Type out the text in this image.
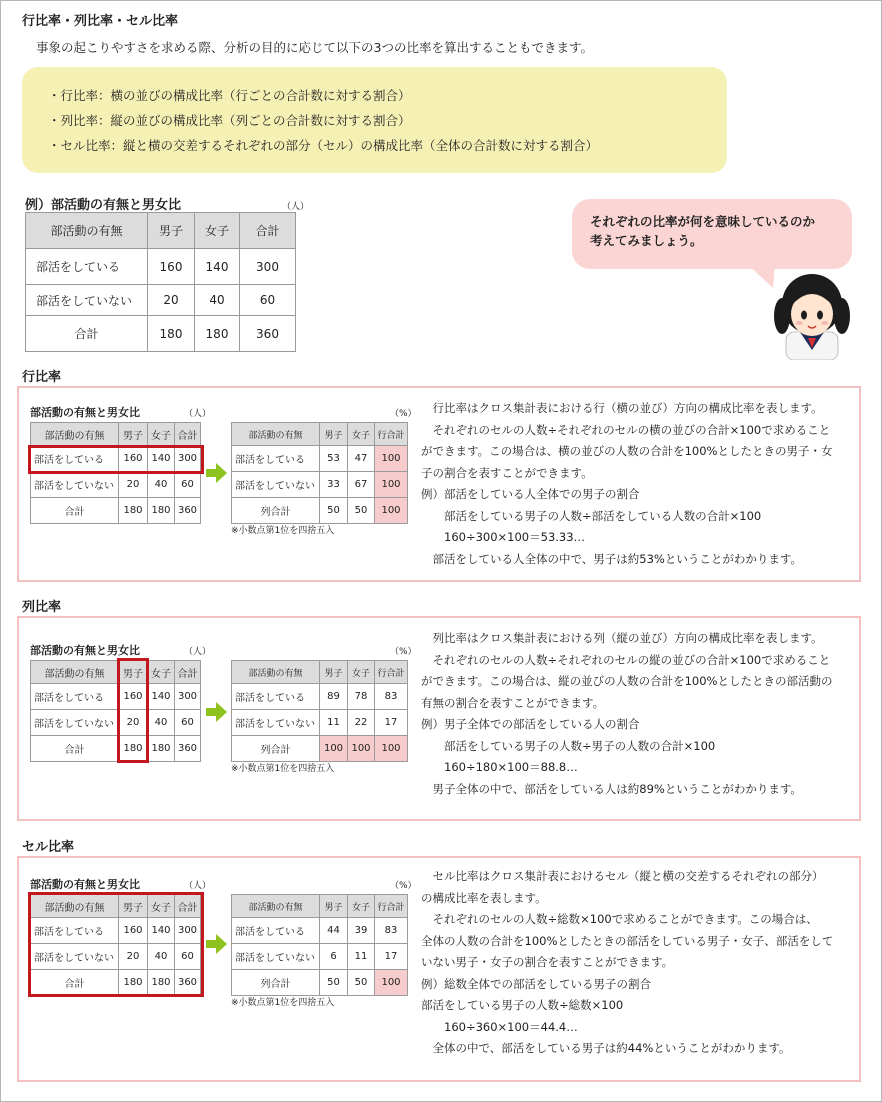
行比率・列比率・セル比率
事象の起こりやすさを求める際、分析の目的に応じて以下の3つの比率を算出することもできます。
・行比率：横の並びの構成比率（行ごとの合計数に対する割合）
・列比率：縦の並びの構成比率（列ごとの合計数に対する割合）
・セル比率：縦と横の交差するそれぞれの部分（セル）の構成比率（全体の合計数に対する割合）
例）部活動の有無と男女比	（人）
部活動の有無	男子	女子	合計
部活をしている	160	140	300
部活をしていない	20	40	60
合計	180	180	360
それぞれの比率が何を意味しているのか
考えてみましょう。
行比率
部活動の有無と男女比	（人）
部活動の有無	男子	女子	合計
部活をしている	160	140	300
部活をしていない	20	40	60
合計	180	180	360
（%）
部活動の有無	男子	女子	行合計
部活をしている	53	47	100
部活をしていない	33	67	100
列合計	50	50	100
※小数点第1位を四捨五入

　行比率はクロス集計表における行（横の並び）方向の構成比率を表します。

　それぞれのセルの人数÷それぞれのセルの横の並びの合計×100で求めること

ができます。この場合は、横の並びの人数の合計を100%としたときの男子・女

子の割合を表すことができます。

例）部活をしている人全体での男子の割合

　　部活をしている男子の人数÷部活をしている人数の合計×100

　　160÷300×100＝53.33…

　部活をしている人全体の中で、男子は約53%ということがわかります。

列比率
部活動の有無と男女比	（人）
部活動の有無	男子	女子	合計
部活をしている	160	140	300
部活をしていない	20	40	60
合計	180	180	360
（%）
部活動の有無	男子	女子	行合計
部活をしている	89	78	83
部活をしていない	11	22	17
列合計	100	100	100
※小数点第1位を四捨五入

　列比率はクロス集計表における列（縦の並び）方向の構成比率を表します。

　それぞれのセルの人数÷それぞれのセルの縦の並びの合計×100で求めること

ができます。この場合は、縦の並びの人数の合計を100%としたときの部活動の

有無の割合を表すことができます。

例）男子全体での部活をしている人の割合

　　部活をしている男子の人数÷男子の人数の合計×100

　　160÷180×100＝88.8…

　男子全体の中で、部活をしている人は約89%ということがわかります。

セル比率
部活動の有無と男女比	（人）
部活動の有無	男子	女子	合計
部活をしている	160	140	300
部活をしていない	20	40	60
合計	180	180	360
（%）
部活動の有無	男子	女子	行合計
部活をしている	44	39	83
部活をしていない	6	11	17
列合計	50	50	100
※小数点第1位を四捨五入

　セル比率はクロス集計表におけるセル（縦と横の交差するそれぞれの部分）

の構成比率を表します。

　それぞれのセルの人数÷総数×100で求めることができます。この場合は、

全体の人数の合計を100%としたときの部活をしている男子・女子、部活をして

いない男子・女子の割合を表すことができます。

例）総数全体での部活をしている男子の割合

部活をしている男子の人数÷総数×100

　　160÷360×100＝44.4…

　全体の中で、部活をしている男子は約44%ということがわかります。
